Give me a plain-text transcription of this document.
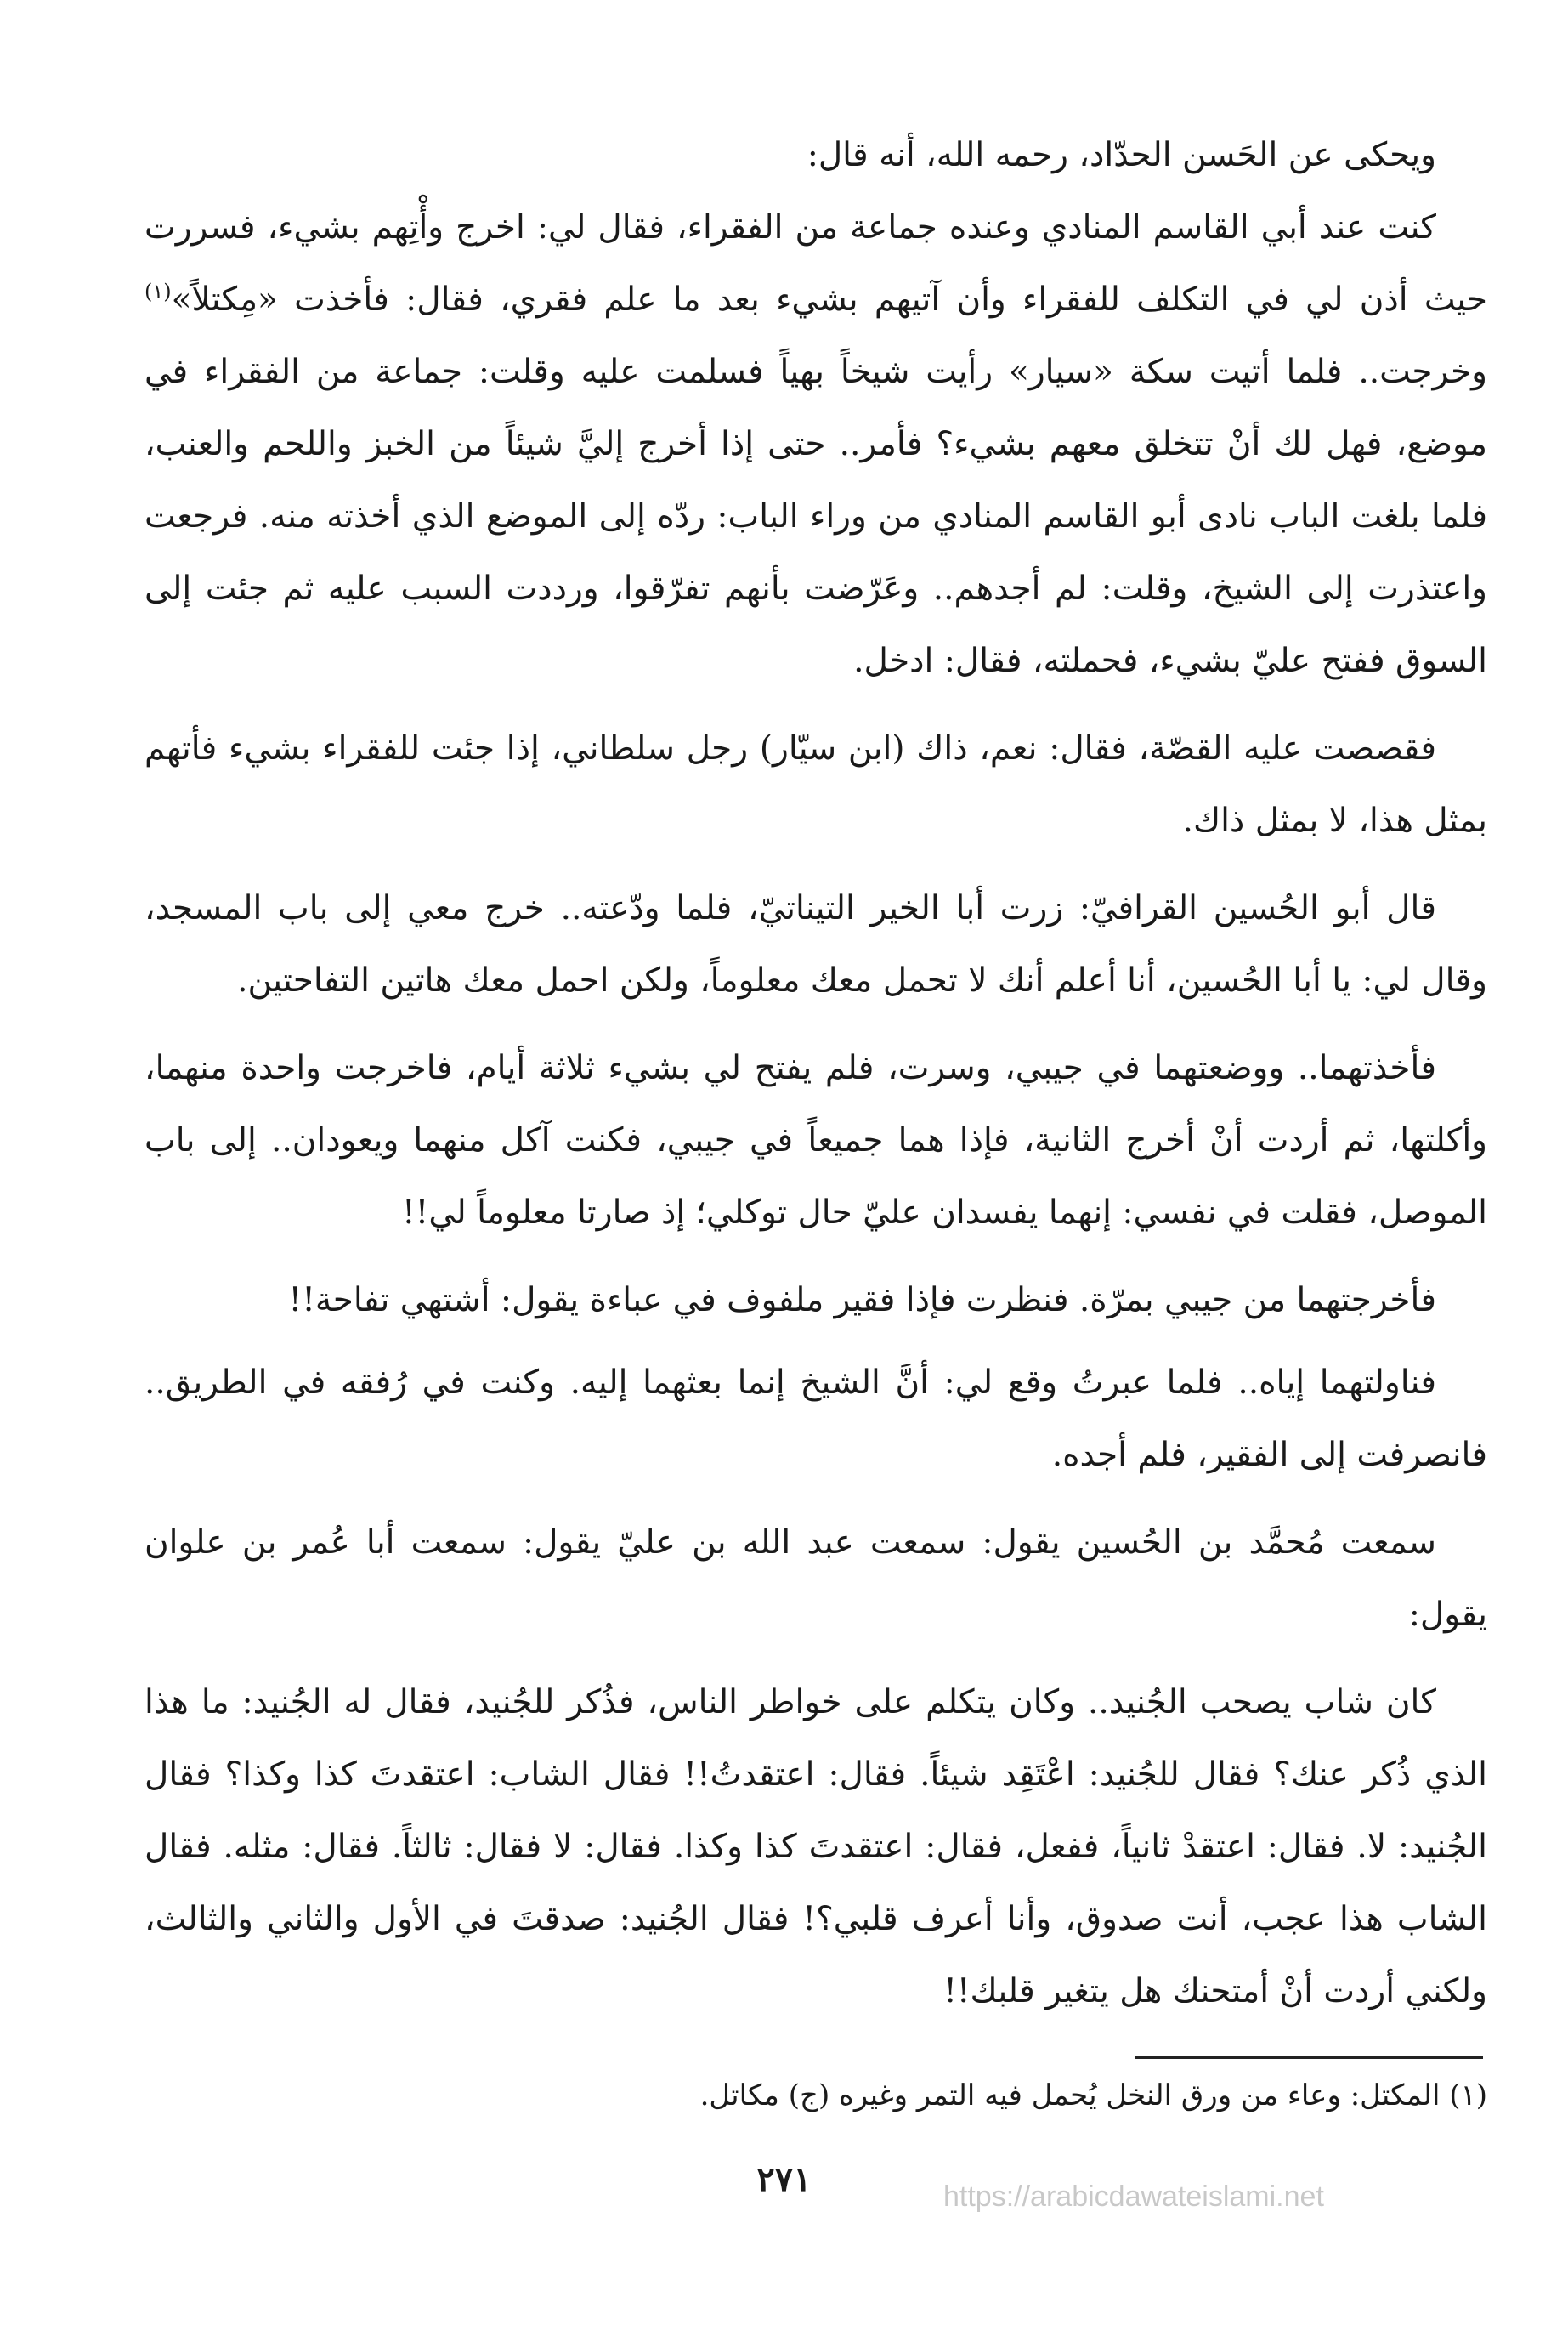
ويحكى عن الحَسن الحدّاد، رحمه الله، أنه قال:

كنت عند أبي القاسم المنادي وعنده جماعة من الفقراء، فقال لي: اخرج وأْتِهم بشيء، فسررت حيث أذن لي في التكلف للفقراء وأن آتيهم بشيء بعد ما علم فقري، فقال: فأخذت «مِكتلاً»$^{(١)}$ وخرجت.. فلما أتيت سكة «سيار» رأيت شيخاً بهياً فسلمت عليه وقلت: جماعة من الفقراء في موضع، فهل لك أنْ تتخلق معهم بشيء؟ فأمر.. حتى إذا أخرج إليَّ شيئاً من الخبز واللحم والعنب، فلما بلغت الباب نادى أبو القاسم المنادي من وراء الباب: ردّه إلى الموضع الذي أخذته منه. فرجعت واعتذرت إلى الشيخ، وقلت: لم أجدهم.. وعَرّضت بأنهم تفرّقوا، ورددت السبب عليه ثم جئت إلى السوق ففتح عليّ بشيء، فحملته، فقال: ادخل.

فقصصت عليه القصّة، فقال: نعم، ذاك (ابن سيّار) رجل سلطاني، إذا جئت للفقراء بشيء فأتهم بمثل هذا، لا بمثل ذاك.

قال أبو الحُسين القرافيّ: زرت أبا الخير التيناتيّ، فلما ودّعته.. خرج معي إلى باب المسجد، وقال لي: يا أبا الحُسين، أنا أعلم أنك لا تحمل معك معلوماً، ولكن احمل معك هاتين التفاحتين.

فأخذتهما.. ووضعتهما في جيبي، وسرت، فلم يفتح لي بشيء ثلاثة أيام، فاخرجت واحدة منهما، وأكلتها، ثم أردت أنْ أخرج الثانية، فإذا هما جميعاً في جيبي، فكنت آكل منهما ويعودان.. إلى باب الموصل، فقلت في نفسي: إنهما يفسدان عليّ حال توكلي؛ إذ صارتا معلوماً لي!!

فأخرجتهما من جيبي بمرّة. فنظرت فإذا فقير ملفوف في عباءة يقول: أشتهي تفاحة!!

فناولتهما إياه.. فلما عبرتُ وقع لي: أنَّ الشيخ إنما بعثهما إليه. وكنت في رُفقه في الطريق.. فانصرفت إلى الفقير، فلم أجده.

سمعت مُحمَّد بن الحُسين يقول: سمعت عبد الله بن عليّ يقول: سمعت أبا عُمر بن علوان يقول:

كان شاب يصحب الجُنيد.. وكان يتكلم على خواطر الناس، فذُكر للجُنيد، فقال له الجُنيد: ما هذا الذي ذُكر عنك؟ فقال للجُنيد: اعْتَقِد شيئاً. فقال: اعتقدتُ!! فقال الشاب: اعتقدتَ كذا وكذا؟ فقال الجُنيد: لا. فقال: اعتقدْ ثانياً، ففعل، فقال: اعتقدتَ كذا وكذا. فقال: لا فقال: ثالثاً. فقال: مثله. فقال الشاب هذا عجب، أنت صدوق، وأنا أعرف قلبي؟! فقال الجُنيد: صدقتَ في الأول والثاني والثالث، ولكني أردت أنْ أمتحنك هل يتغير قلبك!!

(١) المكتل: وعاء من ورق النخل يُحمل فيه التمر وغيره (ج) مكاتل.
٢٧١	https://arabicdawateislami.net
